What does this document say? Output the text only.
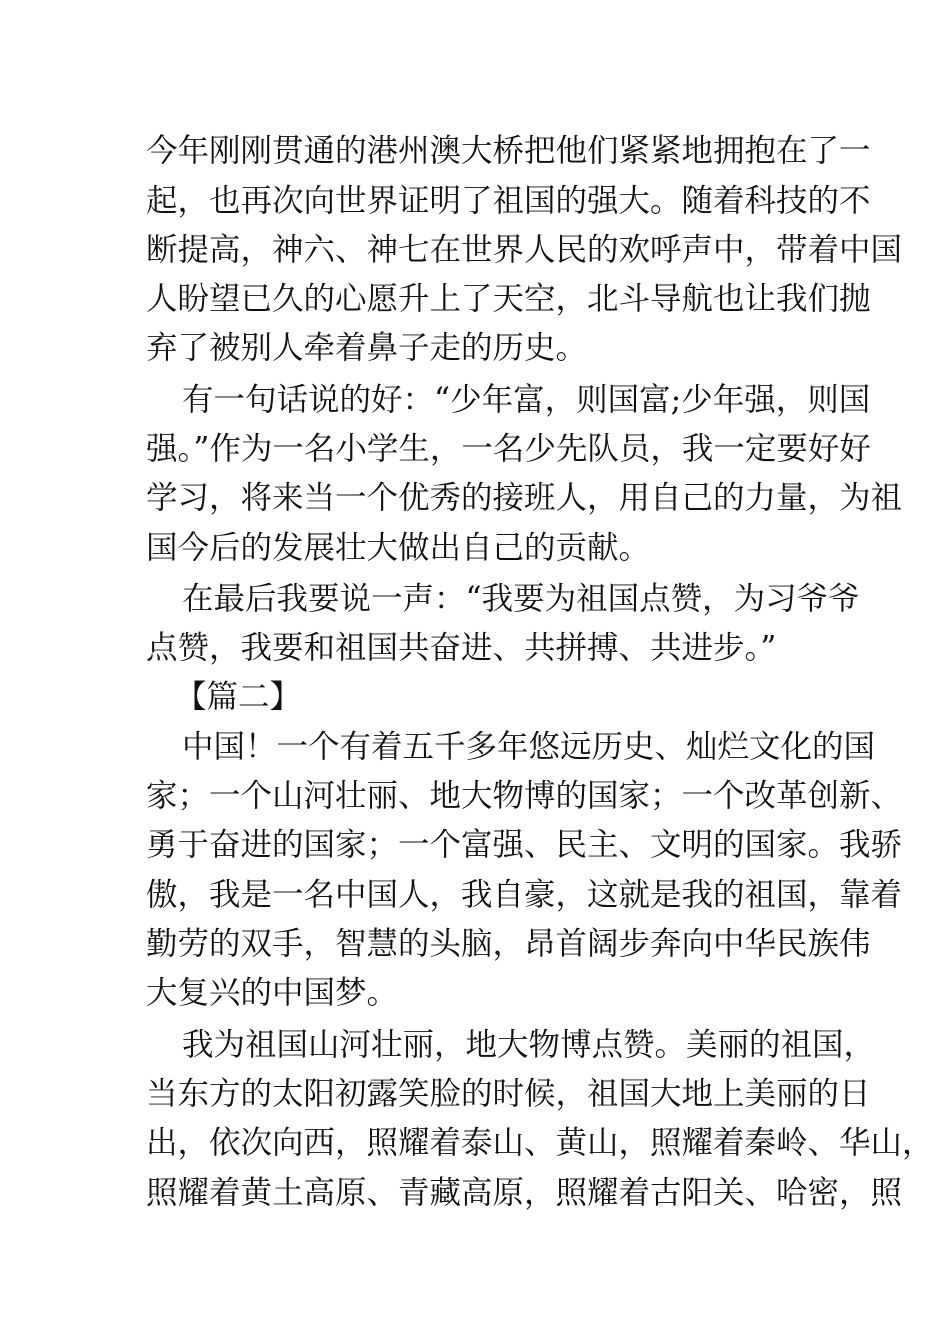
今年刚刚贯通的港州澳大桥把他们紧紧地拥抱在了一
起，也再次向世界证明了祖国的强大。随着科技的不
断提高，神六、神七在世界人民的欢呼声中，带着中国
人盼望已久的心愿升上了天空，北斗导航也让我们抛
弃了被别人牵着鼻子走的历史。
有一句话说的好：“少年富，则国富;少年强，则国
强。”作为一名小学生，一名少先队员，我一定要好好
学习，将来当一个优秀的接班人，用自己的力量，为祖
国今后的发展壮大做出自己的贡献。
在最后我要说一声：“我要为祖国点赞，为习爷爷
点赞，我要和祖国共奋进、共拼搏、共进步。”
【篇二】
中国！一个有着五千多年悠远历史、灿烂文化的国
家；一个山河壮丽、地大物博的国家；一个改革创新、
勇于奋进的国家；一个富强、民主、文明的国家。我骄
傲，我是一名中国人，我自豪，这就是我的祖国，靠着
勤劳的双手，智慧的头脑，昂首阔步奔向中华民族伟
大复兴的中国梦。
我为祖国山河壮丽，地大物博点赞。美丽的祖国，
当东方的太阳初露笑脸的时候，祖国大地上美丽的日
出，依次向西，照耀着泰山、黄山，照耀着秦岭、华山，
照耀着黄土高原、青藏高原，照耀着古阳关、哈密，照
